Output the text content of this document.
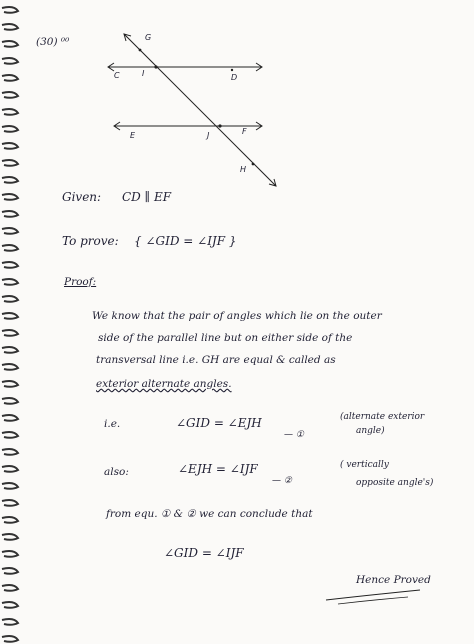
G
C	I	D
E	J	F
H
(30) ⁰⁰
Given: CD ∥ EF
To prove: { ∠GID = ∠IJF }
Proof:
We know that the pair of angles which lie on the outer
side of the parallel line but on either side of the
transversal line i.e. GH are equal & called as
exterior alternate angles.
i.e.	∠GID = ∠EJH	(alternate exterior
angle)
— ①
also:	∠EJH = ∠IJF	( vertically
opposite angle's)
— ②
from equ. ① & ② we can conclude that
∠GID = ∠IJF
Hence Proved
